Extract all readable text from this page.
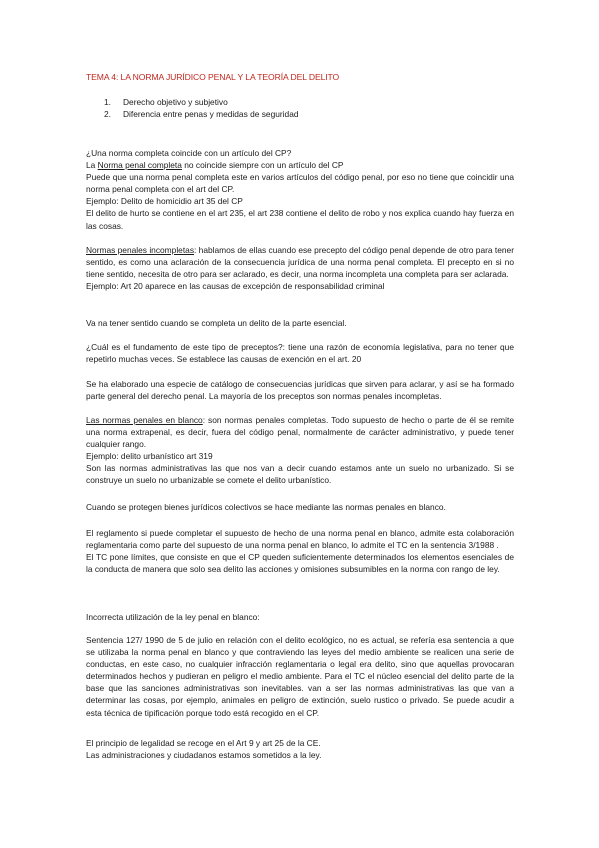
TEMA 4: LA NORMA JURÍDICO PENAL Y LA TEORÍA DEL DELITO
1. Derecho objetivo y subjetivo
2. Diferencia entre penas y medidas de seguridad
¿Una norma completa coincide con un artículo del CP?
La Norma penal completa no coincide siempre con un artículo del CP
Puede que una norma penal completa este en varios artículos del código penal, por eso no tiene que coincidir una norma penal completa con el art del CP.
Ejemplo: Delito de homicidio art 35 del CP
El delito de hurto se contiene en el art 235, el art 238 contiene el delito de robo y nos explica cuando hay fuerza en las cosas.
Normas penales incompletas: hablamos de ellas cuando ese precepto del código penal depende de otro para tener sentido, es como una aclaración de la consecuencia jurídica de una norma penal completa. El precepto en si no tiene sentido, necesita de otro para ser aclarado, es decir, una norma incompleta una completa para ser aclarada.
Ejemplo: Art 20 aparece en las causas de excepción de responsabilidad criminal
Va na tener sentido cuando se completa un delito de la parte esencial.
¿Cuál es el fundamento de este tipo de preceptos?: tiene una razón de economía legislativa, para no tener que repetirlo muchas veces. Se establece las causas de exención en el art. 20
Se ha elaborado una especie de catálogo de consecuencias jurídicas que sirven para aclarar, y así se ha formado parte general del derecho penal. La mayoría de los preceptos son normas penales incompletas.
Las normas penales en blanco: son normas penales completas. Todo supuesto de hecho o parte de él se remite una norma extrapenal, es decir, fuera del código penal, normalmente de carácter administrativo, y puede tener cualquier rango.
Ejemplo: delito urbanístico art 319
Son las normas administrativas las que nos van a decir cuando estamos ante un suelo no urbanizado. Si se construye un suelo no urbanizable se comete el delito urbanístico.
Cuando se protegen bienes jurídicos colectivos se hace mediante las normas penales en blanco.
El reglamento si puede completar el supuesto de hecho de una norma penal en blanco, admite esta colaboración reglamentaria como parte del supuesto de una norma penal en blanco, lo admite el TC en la sentencia 3/1988 .
El TC pone límites, que consiste en que el CP queden suficientemente determinados los elementos esenciales de la conducta de manera que solo sea delito las acciones y omisiones subsumibles en la norma con rango de ley.
Incorrecta utilización de la ley penal en blanco:
Sentencia 127/ 1990 de 5 de julio en relación con el delito ecológico, no es actual, se refería esa sentencia a que se utilizaba la norma penal en blanco y que contraviendo las leyes del medio ambiente se realicen una serie de conductas, en este caso, no cualquier infracción reglamentaria o legal era delito, sino que aquellas provocaran determinados hechos y pudieran en peligro el medio ambiente. Para el TC el núcleo esencial del delito parte de la base que las sanciones administrativas son inevitables. van a ser las normas administrativas las que van a determinar las cosas, por ejemplo, animales en peligro de extinción, suelo rustico o privado. Se puede acudir a esta técnica de tipificación porque todo está recogido en el CP.
El principio de legalidad se recoge en el Art 9 y art 25 de la CE.
Las administraciones y ciudadanos estamos sometidos a la ley.
